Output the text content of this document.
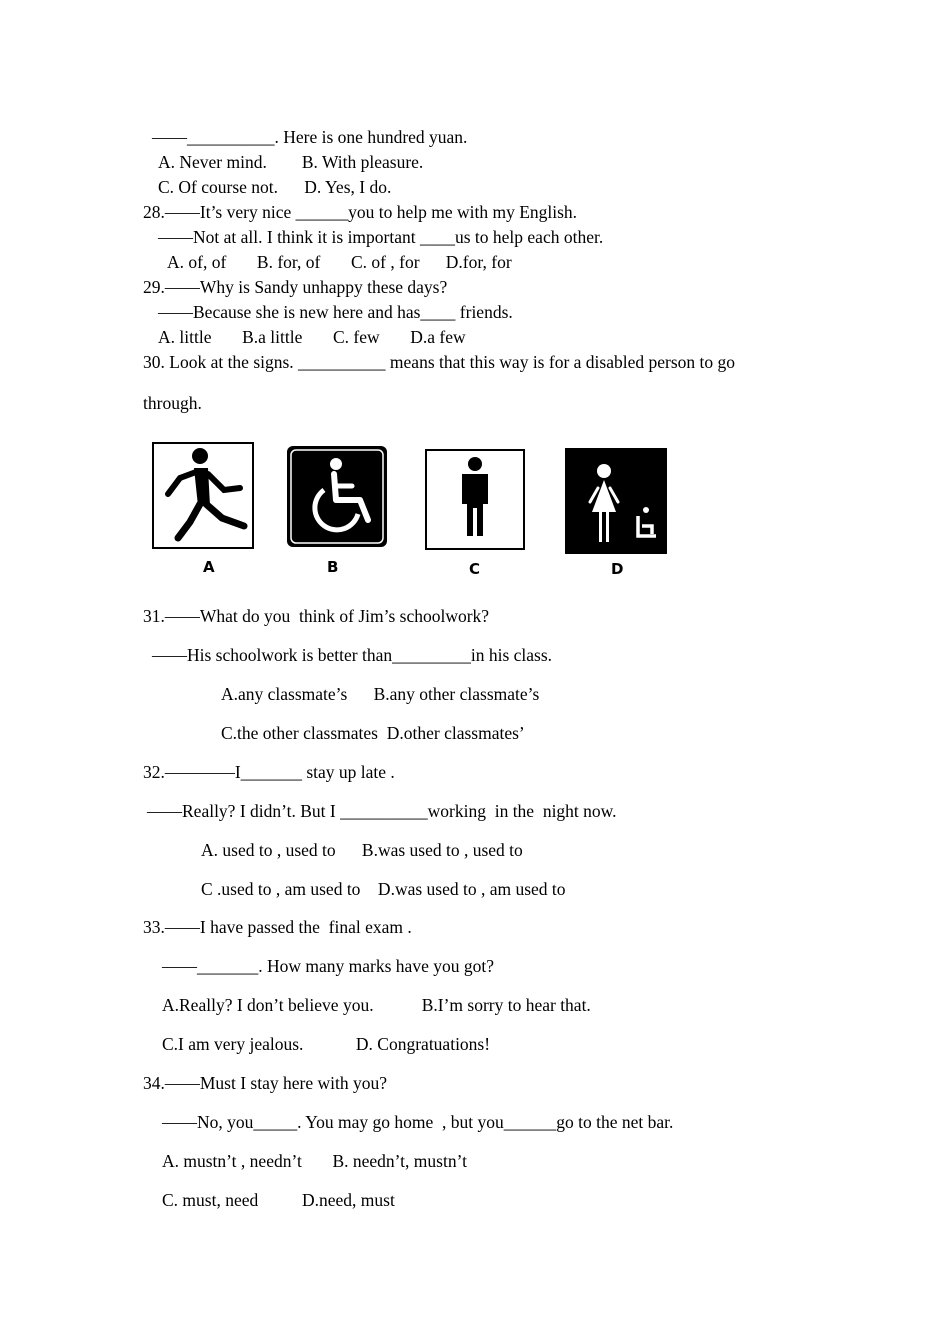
——__________. Here is one hundred yuan.
A. Never mind.        B. With pleasure.
C. Of course not.      D. Yes, I do.
28.——It’s very nice ______you to help me with my English.
——Not at all. I think it is important ____us to help each other.
A. of, of       B. for, of       C. of , for      D.for, for
29.——Why is Sandy unhappy these days?
——Because she is new here and has____ friends.
A. little       B.a little       C. few       D.a few
30. Look at the signs. __________ means that this way is for a disabled person to go
through.
A	B	C	D
31.——What do you  think of Jim’s schoolwork?
——His schoolwork is better than_________in his class.
A.any classmate’s      B.any other classmate’s
C.the other classmates  D.other classmates’
32.————I_______ stay up late .
——Really? I didn’t. But I __________working  in the  night now.
A. used to , used to      B.was used to , used to
C .used to , am used to    D.was used to , am used to
33.——I have passed the  final exam .
——_______. How many marks have you got?
A.Really? I don’t believe you.           B.I’m sorry to hear that.
C.I am very jealous.            D. Congratuations!
34.——Must I stay here with you?
——No, you_____. You may go home  , but you______go to the net bar.
A. mustn’t , needn’t       B. needn’t, mustn’t
C. must, need          D.need, must
